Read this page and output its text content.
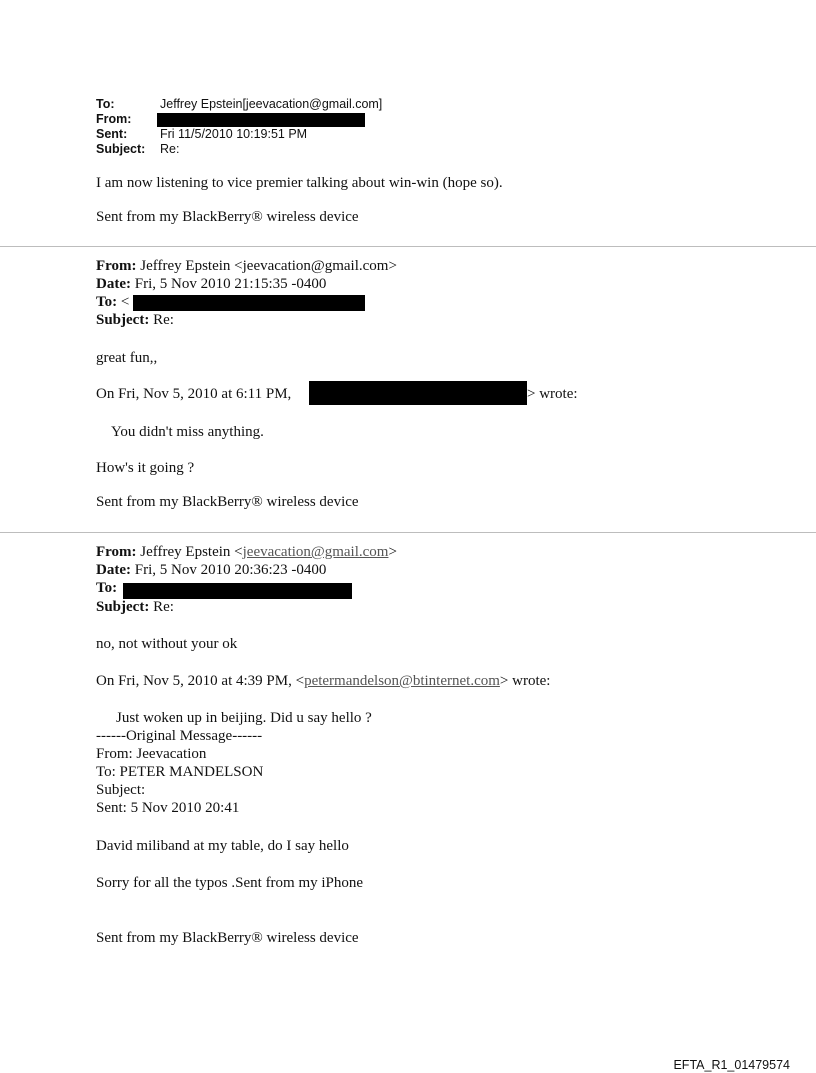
To:	Jeffrey Epstein[jeevacation@gmail.com]
From:
Sent:	Fri 11/5/2010 10:19:51 PM
Subject: Re:
I am now listening to vice premier talking about win-win (hope so).
Sent from my BlackBerry® wireless device
From: Jeffrey Epstein <jeevacation@gmail.com>
Date: Fri, 5 Nov 2010 21:15:35 -0400
To: <
Subject: Re:
great fun,,
On Fri, Nov 5, 2010 at 6:11 PM,	> wrote:
You didn't miss anything.
How's it going ?
Sent from my BlackBerry® wireless device
From: Jeffrey Epstein <jeevacation@gmail.com>
Date: Fri, 5 Nov 2010 20:36:23 -0400
To:
Subject: Re:
no, not without your ok
On Fri, Nov 5, 2010 at 4:39 PM, <petermandelson@btinternet.com> wrote:
Just woken up in beijing. Did u say hello ?
------Original Message------
From: Jeevacation
To: PETER MANDELSON
Subject:
Sent: 5 Nov 2010 20:41
David miliband at my table, do I say hello
Sorry for all the typos .Sent from my iPhone
Sent from my BlackBerry® wireless device
EFTA_R1_01479574
